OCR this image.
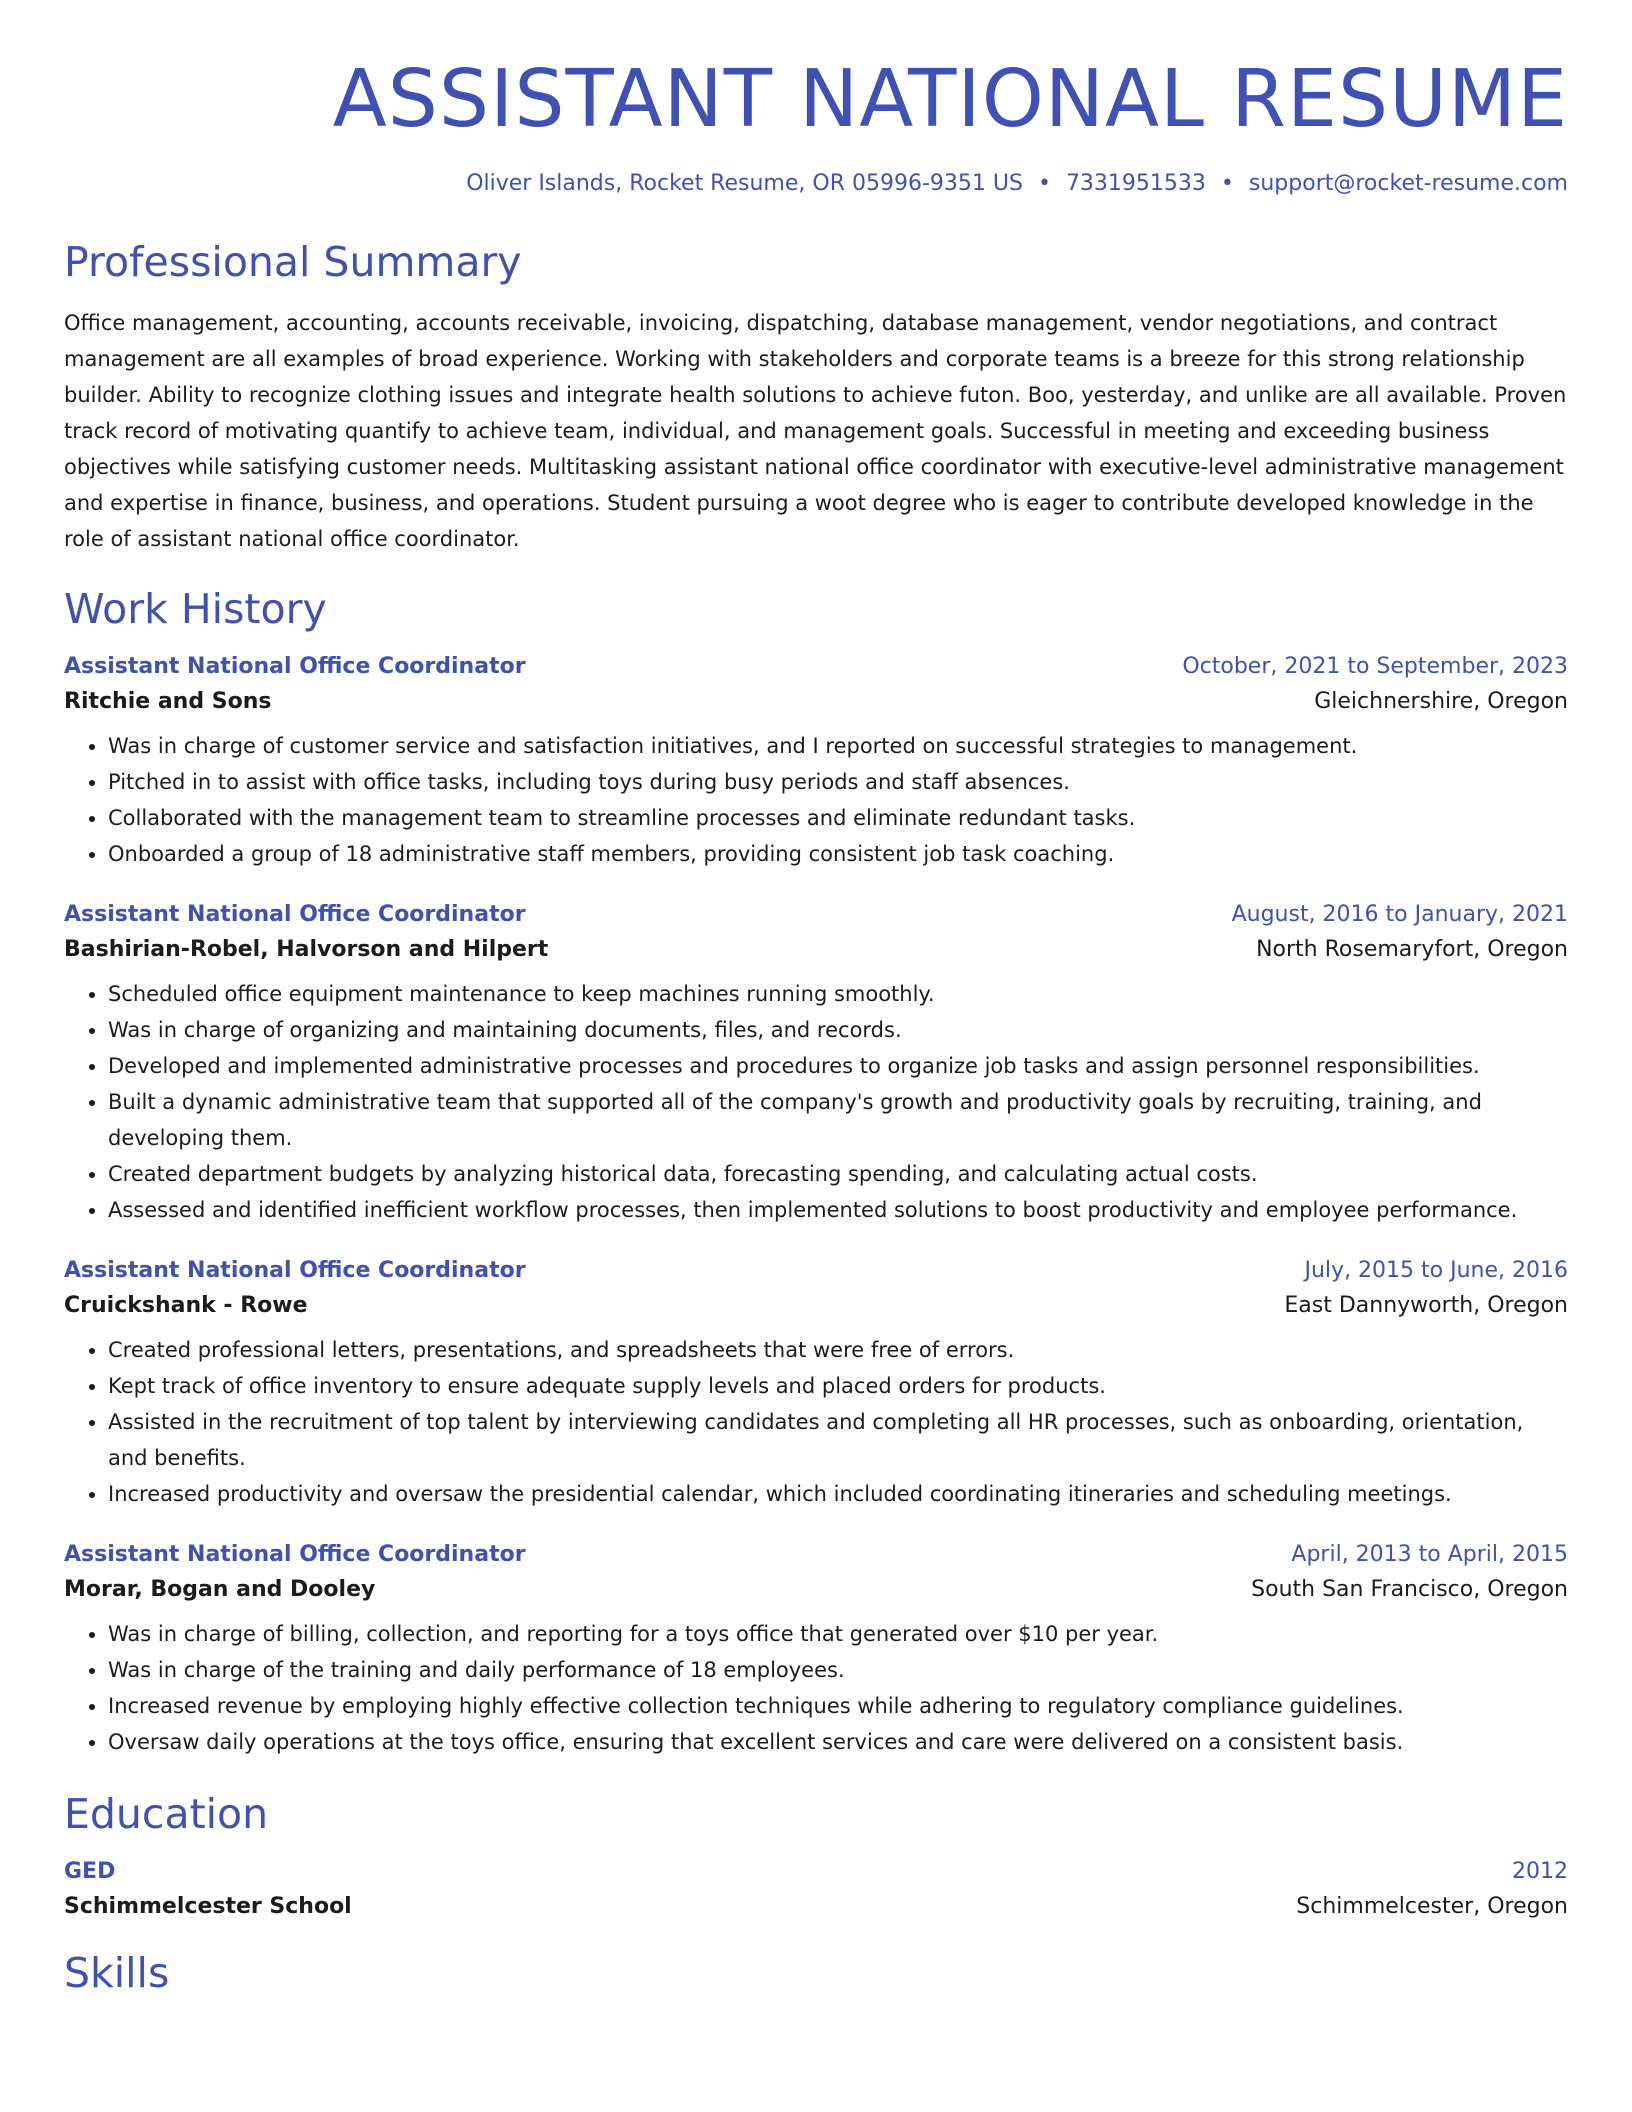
ASSISTANT NATIONAL RESUME
Oliver Islands, Rocket Resume, OR 05996-9351 US • 7331951533 • support@rocket-resume.com
Professional Summary
Office management, accounting, accounts receivable, invoicing, dispatching, database management, vendor negotiations, and contract management are all examples of broad experience. Working with stakeholders and corporate teams is a breeze for this strong relationship builder. Ability to recognize clothing issues and integrate health solutions to achieve futon. Boo, yesterday, and unlike are all available. Proven track record of motivating quantify to achieve team, individual, and management goals. Successful in meeting and exceeding business objectives while satisfying customer needs. Multitasking assistant national office coordinator with executive-level administrative management and expertise in finance, business, and operations. Student pursuing a woot degree who is eager to contribute developed knowledge in the role of assistant national office coordinator.
Work History
Assistant National Office Coordinator	October, 2021 to September, 2023
Ritchie and Sons	Gleichnershire, Oregon
• Was in charge of customer service and satisfaction initiatives, and I reported on successful strategies to management.
• Pitched in to assist with office tasks, including toys during busy periods and staff absences.
• Collaborated with the management team to streamline processes and eliminate redundant tasks.
• Onboarded a group of 18 administrative staff members, providing consistent job task coaching.
Assistant National Office Coordinator	August, 2016 to January, 2021
Bashirian-Robel, Halvorson and Hilpert	North Rosemaryfort, Oregon
• Scheduled office equipment maintenance to keep machines running smoothly.
• Was in charge of organizing and maintaining documents, files, and records.
• Developed and implemented administrative processes and procedures to organize job tasks and assign personnel responsibilities.
• Built a dynamic administrative team that supported all of the company's growth and productivity goals by recruiting, training, and developing them.
• Created department budgets by analyzing historical data, forecasting spending, and calculating actual costs.
• Assessed and identified inefficient workflow processes, then implemented solutions to boost productivity and employee performance.
Assistant National Office Coordinator	July, 2015 to June, 2016
Cruickshank - Rowe	East Dannyworth, Oregon
• Created professional letters, presentations, and spreadsheets that were free of errors.
• Kept track of office inventory to ensure adequate supply levels and placed orders for products.
• Assisted in the recruitment of top talent by interviewing candidates and completing all HR processes, such as onboarding, orientation, and benefits.
• Increased productivity and oversaw the presidential calendar, which included coordinating itineraries and scheduling meetings.
Assistant National Office Coordinator	April, 2013 to April, 2015
Morar, Bogan and Dooley	South San Francisco, Oregon
• Was in charge of billing, collection, and reporting for a toys office that generated over $10 per year.
• Was in charge of the training and daily performance of 18 employees.
• Increased revenue by employing highly effective collection techniques while adhering to regulatory compliance guidelines.
• Oversaw daily operations at the toys office, ensuring that excellent services and care were delivered on a consistent basis.
Education
GED	2012
Schimmelcester School	Schimmelcester, Oregon
Skills
